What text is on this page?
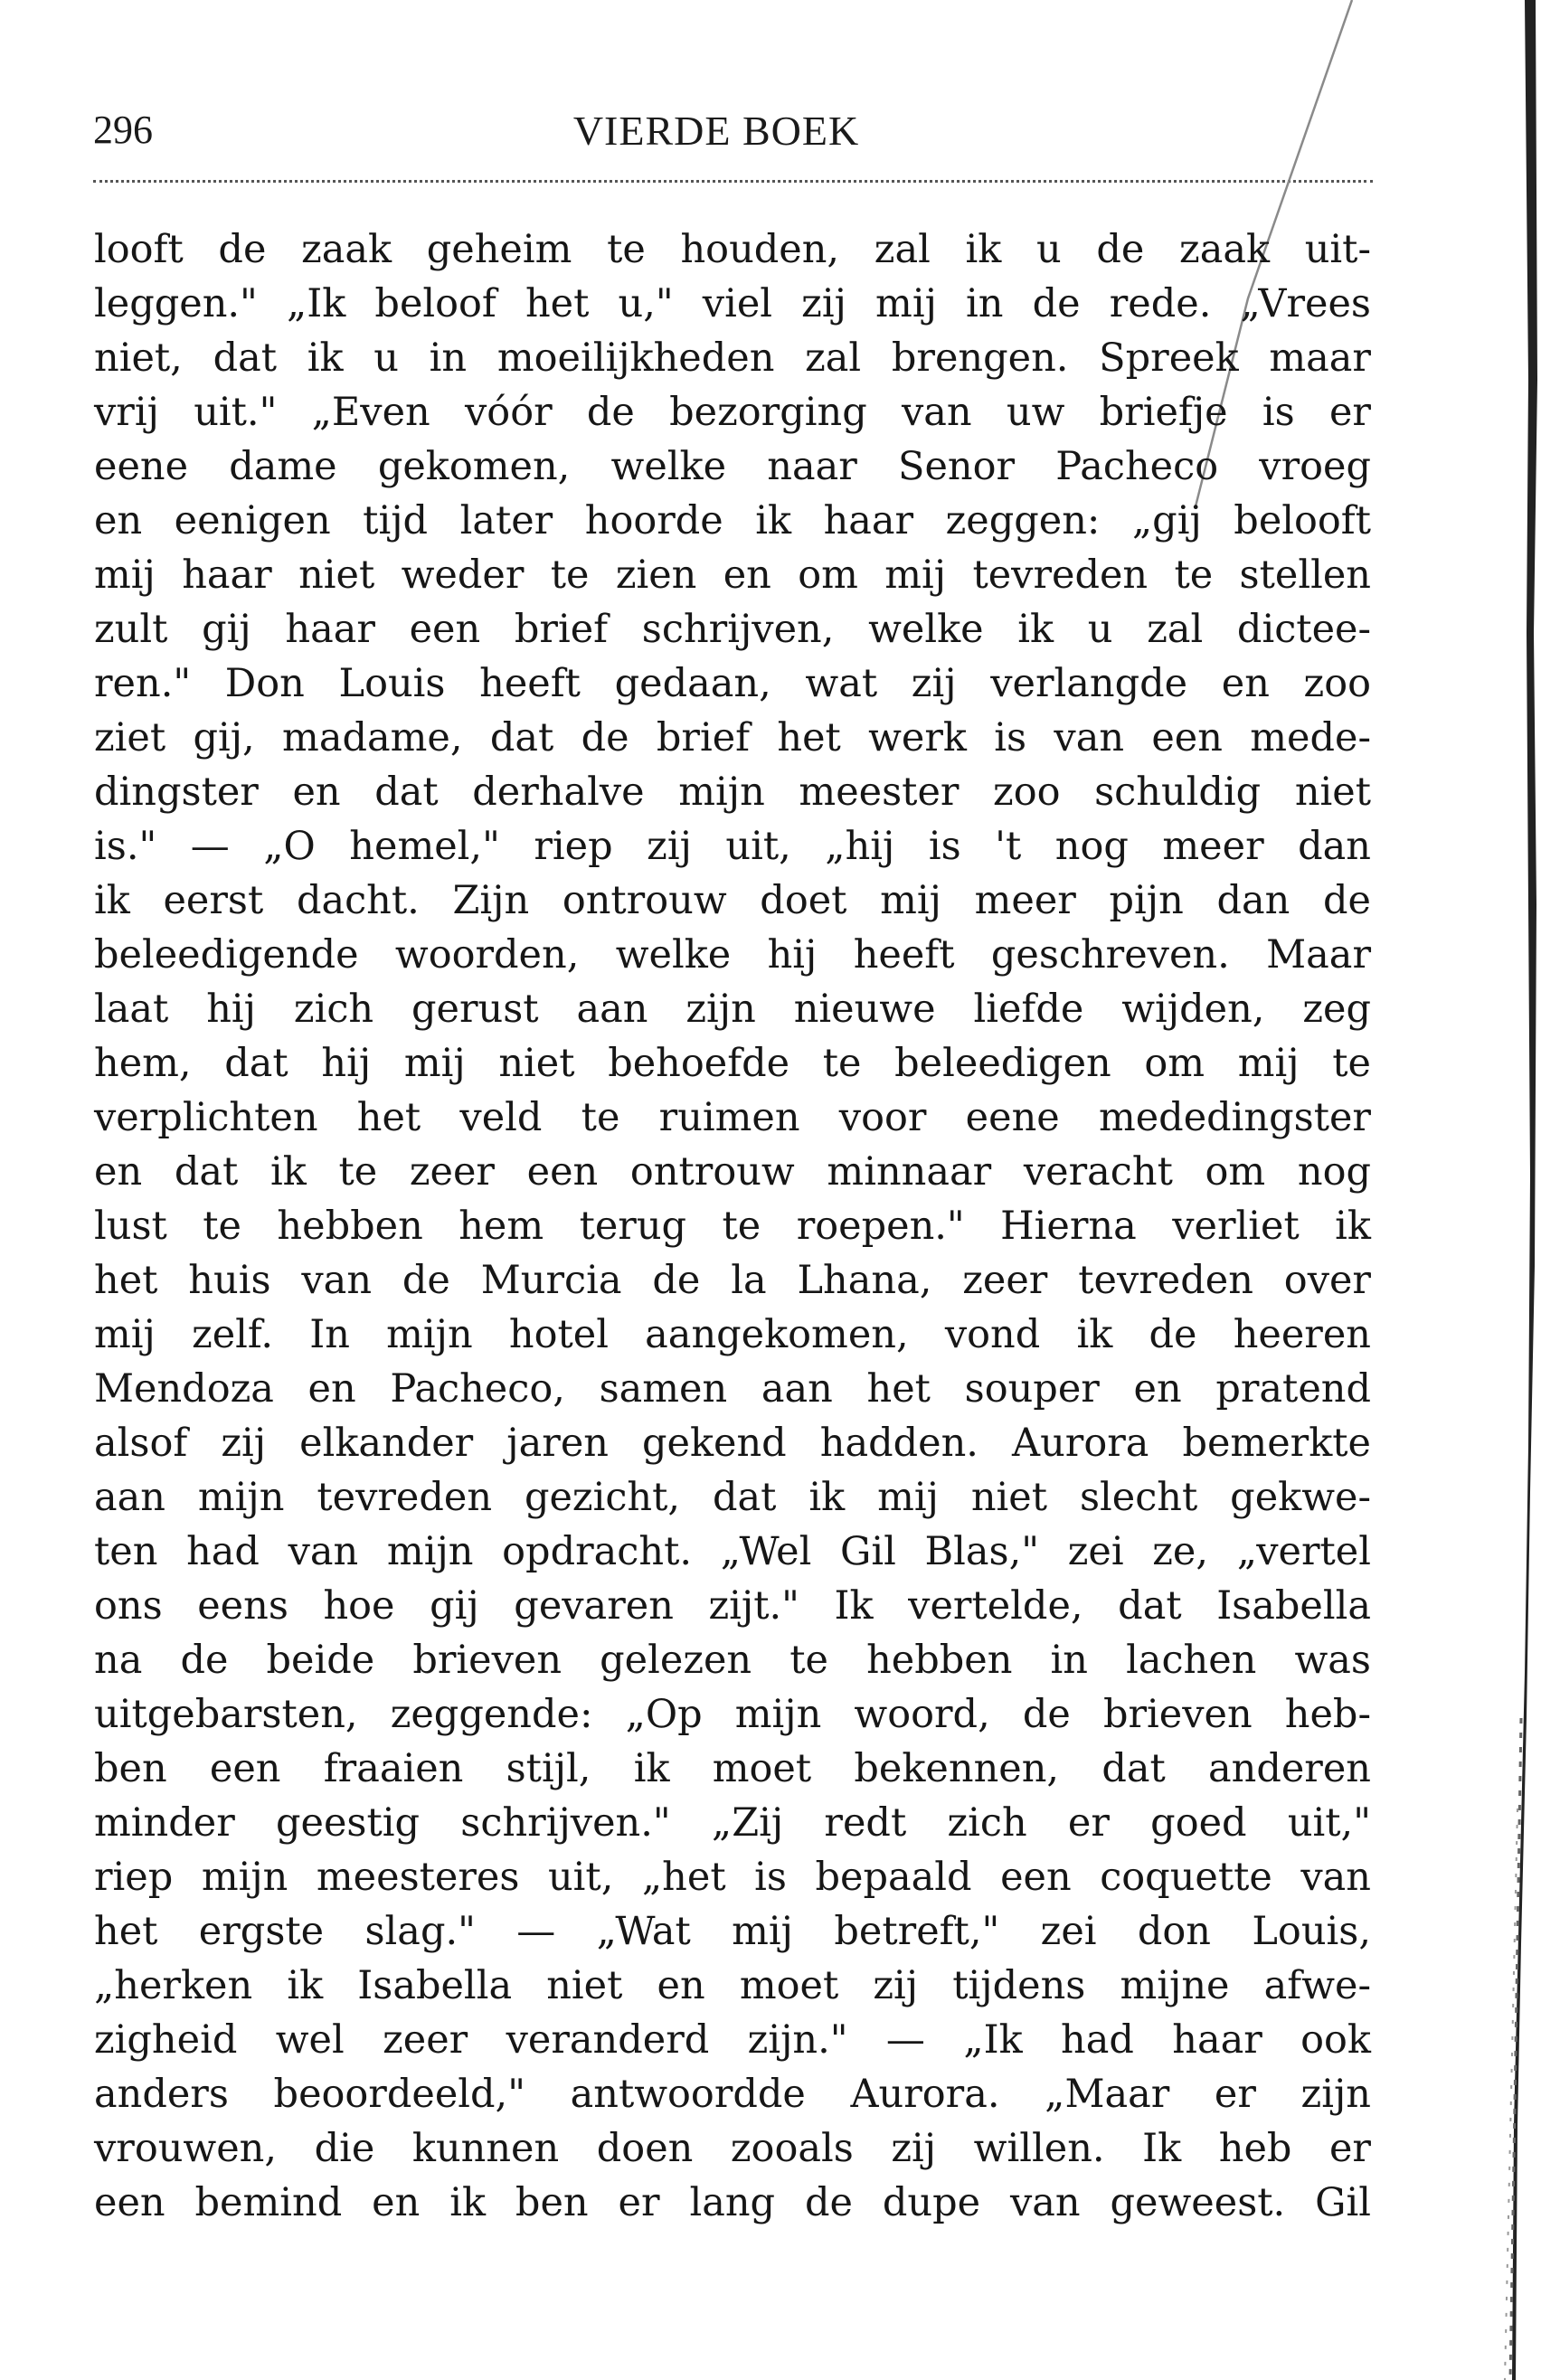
296	VIERDE BOEK
looft de zaak geheim te houden, zal ik u de zaak uit-
leggen." „Ik beloof het u," viel zij mij in de rede. „Vrees
niet, dat ik u in moeilijkheden zal brengen. Spreek maar
vrij uit." „Even vóór de bezorging van uw briefje is er
eene dame gekomen, welke naar Senor Pacheco vroeg
en eenigen tijd later hoorde ik haar zeggen: „gij belooft
mij haar niet weder te zien en om mij tevreden te stellen
zult gij haar een brief schrijven, welke ik u zal dictee-
ren." Don Louis heeft gedaan, wat zij verlangde en zoo
ziet gij, madame, dat de brief het werk is van een mede-
dingster en dat derhalve mijn meester zoo schuldig niet
is." — „O hemel," riep zij uit, „hij is 't nog meer dan
ik eerst dacht. Zijn ontrouw doet mij meer pijn dan de
beleedigende woorden, welke hij heeft geschreven. Maar
laat hij zich gerust aan zijn nieuwe liefde wijden, zeg
hem, dat hij mij niet behoefde te beleedigen om mij te
verplichten het veld te ruimen voor eene mededingster
en dat ik te zeer een ontrouw minnaar veracht om nog
lust te hebben hem terug te roepen." Hierna verliet ik
het huis van de Murcia de la Lhana, zeer tevreden over
mij zelf. In mijn hotel aangekomen, vond ik de heeren
Mendoza en Pacheco, samen aan het souper en pratend
alsof zij elkander jaren gekend hadden. Aurora bemerkte
aan mijn tevreden gezicht, dat ik mij niet slecht gekwe-
ten had van mijn opdracht. „Wel Gil Blas," zei ze, „vertel
ons eens hoe gij gevaren zijt." Ik vertelde, dat Isabella
na de beide brieven gelezen te hebben in lachen was
uitgebarsten, zeggende: „Op mijn woord, de brieven heb-
ben een fraaien stijl, ik moet bekennen, dat anderen
minder geestig schrijven." „Zij redt zich er goed uit,"
riep mijn meesteres uit, „het is bepaald een coquette van
het ergste slag." — „Wat mij betreft," zei don Louis,
„herken ik Isabella niet en moet zij tijdens mijne afwe-
zigheid wel zeer veranderd zijn." — „Ik had haar ook
anders beoordeeld," antwoordde Aurora. „Maar er zijn
vrouwen, die kunnen doen zooals zij willen. Ik heb er
een bemind en ik ben er lang de dupe van geweest. Gil
